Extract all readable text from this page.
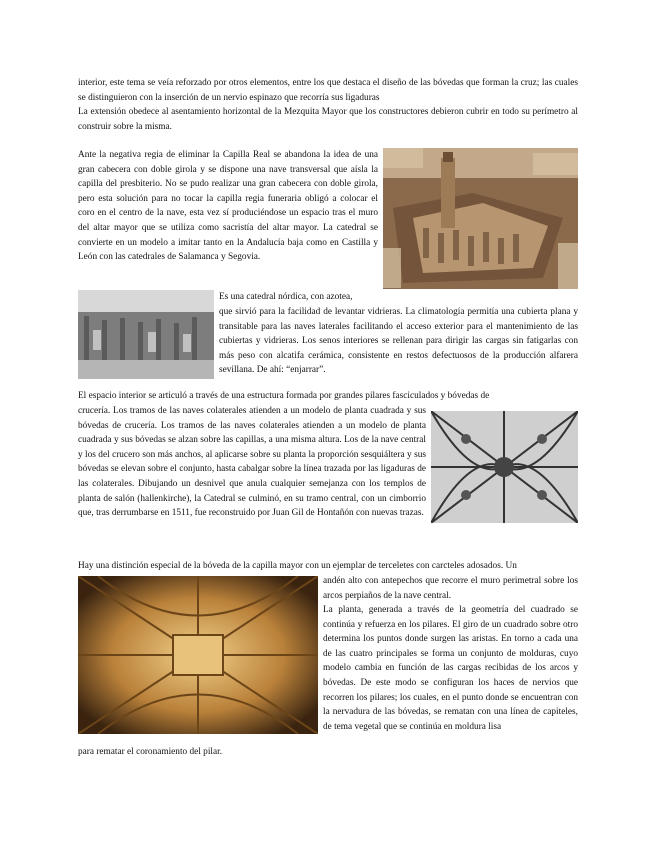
interior, este tema se veía reforzado por otros elementos, entre los que destaca el diseño de las bóvedas que forman la cruz; las cuales se distinguieron con la inserción de un nervio espinazo que recorría sus ligaduras

La extensión obedece al asentamiento horizontal de la Mezquita Mayor que los constructores debieron cubrir en todo su perímetro al construir sobre la misma.

Ante la negativa regia de eliminar la Capilla Real se abandona la idea de una gran cabecera con doble girola y se dispone una nave transversal que aísla la capilla del presbiterio. No se pudo realizar una gran cabecera con doble girola, pero esta solución para no tocar la capilla regia funeraria obligó a colocar el coro en el centro de la nave, esta vez sí produciéndose un espacio tras el muro del altar mayor que se utiliza como sacristía del altar mayor. La catedral se convierte en un modelo a imitar tanto en la Andalucía baja como en Castilla y León con las catedrales de Salamanca y Segovia.

Es una catedral nórdica, con azotea,

que sirvió para la facilidad de levantar vidrieras. La climatología permitía una cubierta plana y transitable para las naves laterales facilitando el acceso exterior para el mantenimiento de las cubiertas y vidrieras. Los senos interiores se rellenan para dirigir las cargas sin fatigarlas con más peso con alcatifa cerámica, consistente en restos defectuosos de la producción alfarera sevillana. De ahí: “enjarrar”.

El espacio interior se articuló a través de una estructura formada por grandes pilares fasciculados y bóvedas de

crucería. Los tramos de las naves colaterales atienden a un modelo de planta cuadrada y sus bóvedas de crucería. Los tramos de las naves colaterales atienden a un modelo de planta cuadrada y sus bóvedas se alzan sobre las capillas, a una misma altura. Los de la nave central y los del crucero son más anchos, al aplicarse sobre su planta la proporción sesquiáltera y sus bóvedas se elevan sobre el conjunto, hasta cabalgar sobre la línea trazada por las ligaduras de las colaterales. Dibujando un desnivel que anula cualquier semejanza con los templos de planta de salón (hallenkirche), la Catedral se culminó, en su tramo central, con un cimborrio que, tras derrumbarse en 1511, fue reconstruido por Juan Gil de Hontañón con nuevas trazas.

Hay una distinción especial de la bóveda de la capilla mayor con un ejemplar de terceletes con carcteles adosados. Un

andén alto con antepechos que recorre el muro perimetral sobre los arcos perpiaños de la nave central.

La planta, generada a través de la geometría del cuadrado se continúa y refuerza en los pilares. El giro de un cuadrado sobre otro determina los puntos donde surgen las aristas. En torno a cada una de las cuatro principales se forma un conjunto de molduras, cuyo modelo cambia en función de las cargas recibidas de los arcos y bóvedas. De este modo se configuran los haces de nervios que recorren los pilares; los cuales, en el punto donde se encuentran con la nervadura de las bóvedas, se rematan con una línea de capiteles, de tema vegetal que se continúa en moldura lisa

para rematar el coronamiento del pilar.
